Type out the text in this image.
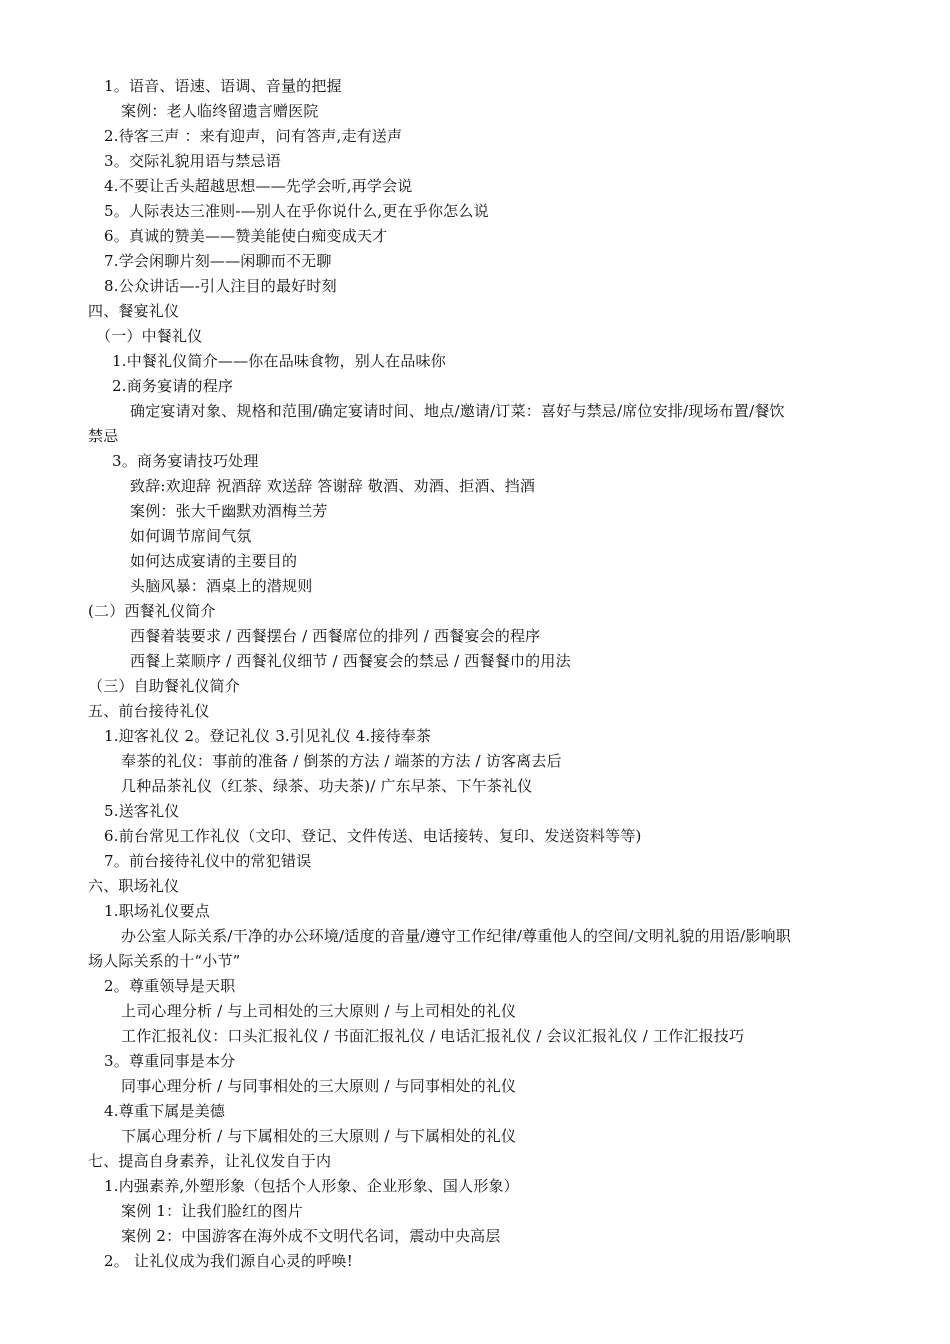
1。语音、语速、语调、音量的把握
案例：老人临终留遗言赠医院
2.待客三声 ：来有迎声，问有答声,走有送声
3。交际礼貌用语与禁忌语
4.不要让舌头超越思想——先学会听,再学会说
5。人际表达三准则-—别人在乎你说什么,更在乎你怎么说
6。真诚的赞美——赞美能使白痴变成天才
7.学会闲聊片刻——闲聊而不无聊
8.公众讲话—-引人注目的最好时刻
四、餐宴礼仪
（一）中餐礼仪
1.中餐礼仪简介——你在品味食物，别人在品味你
2.商务宴请的程序
确定宴请对象、规格和范围/确定宴请时间、地点/邀请/订菜：喜好与禁忌/席位安排/现场布置/餐饮
禁忌
3。商务宴请技巧处理
致辞:欢迎辞 祝酒辞 欢送辞 答谢辞 敬酒、劝酒、拒酒、挡酒
案例：张大千幽默劝酒梅兰芳
如何调节席间气氛
如何达成宴请的主要目的
头脑风暴：酒桌上的潜规则
(二）西餐礼仪简介
西餐着装要求 / 西餐摆台 / 西餐席位的排列 / 西餐宴会的程序
西餐上菜顺序 / 西餐礼仪细节 / 西餐宴会的禁忌 / 西餐餐巾的用法
（三）自助餐礼仪简介
五、前台接待礼仪
1.迎客礼仪 2。登记礼仪 3.引见礼仪 4.接待奉茶
奉茶的礼仪：事前的准备 / 倒茶的方法 / 端茶的方法 / 访客离去后
几种品茶礼仪（红茶、绿茶、功夫茶)/ 广东早茶、下午茶礼仪
5.送客礼仪
6.前台常见工作礼仪（文印、登记、文件传送、电话接转、复印、发送资料等等)
7。前台接待礼仪中的常犯错误
六、职场礼仪
1.职场礼仪要点
办公室人际关系/干净的办公环境/适度的音量/遵守工作纪律/尊重他人的空间/文明礼貌的用语/影响职
场人际关系的十“小节”
2。尊重领导是天职
上司心理分析 / 与上司相处的三大原则 / 与上司相处的礼仪
工作汇报礼仪：口头汇报礼仪 / 书面汇报礼仪 / 电话汇报礼仪 / 会议汇报礼仪 / 工作汇报技巧
3。尊重同事是本分
同事心理分析 / 与同事相处的三大原则 / 与同事相处的礼仪
4.尊重下属是美德
下属心理分析 / 与下属相处的三大原则 / 与下属相处的礼仪
七、提高自身素养，让礼仪发自于内
1.内强素养,外塑形象（包括个人形象、企业形象、国人形象）
案例 1：让我们脸红的图片
案例 2：中国游客在海外成不文明代名词，震动中央高层
2。 让礼仪成为我们源自心灵的呼唤!
